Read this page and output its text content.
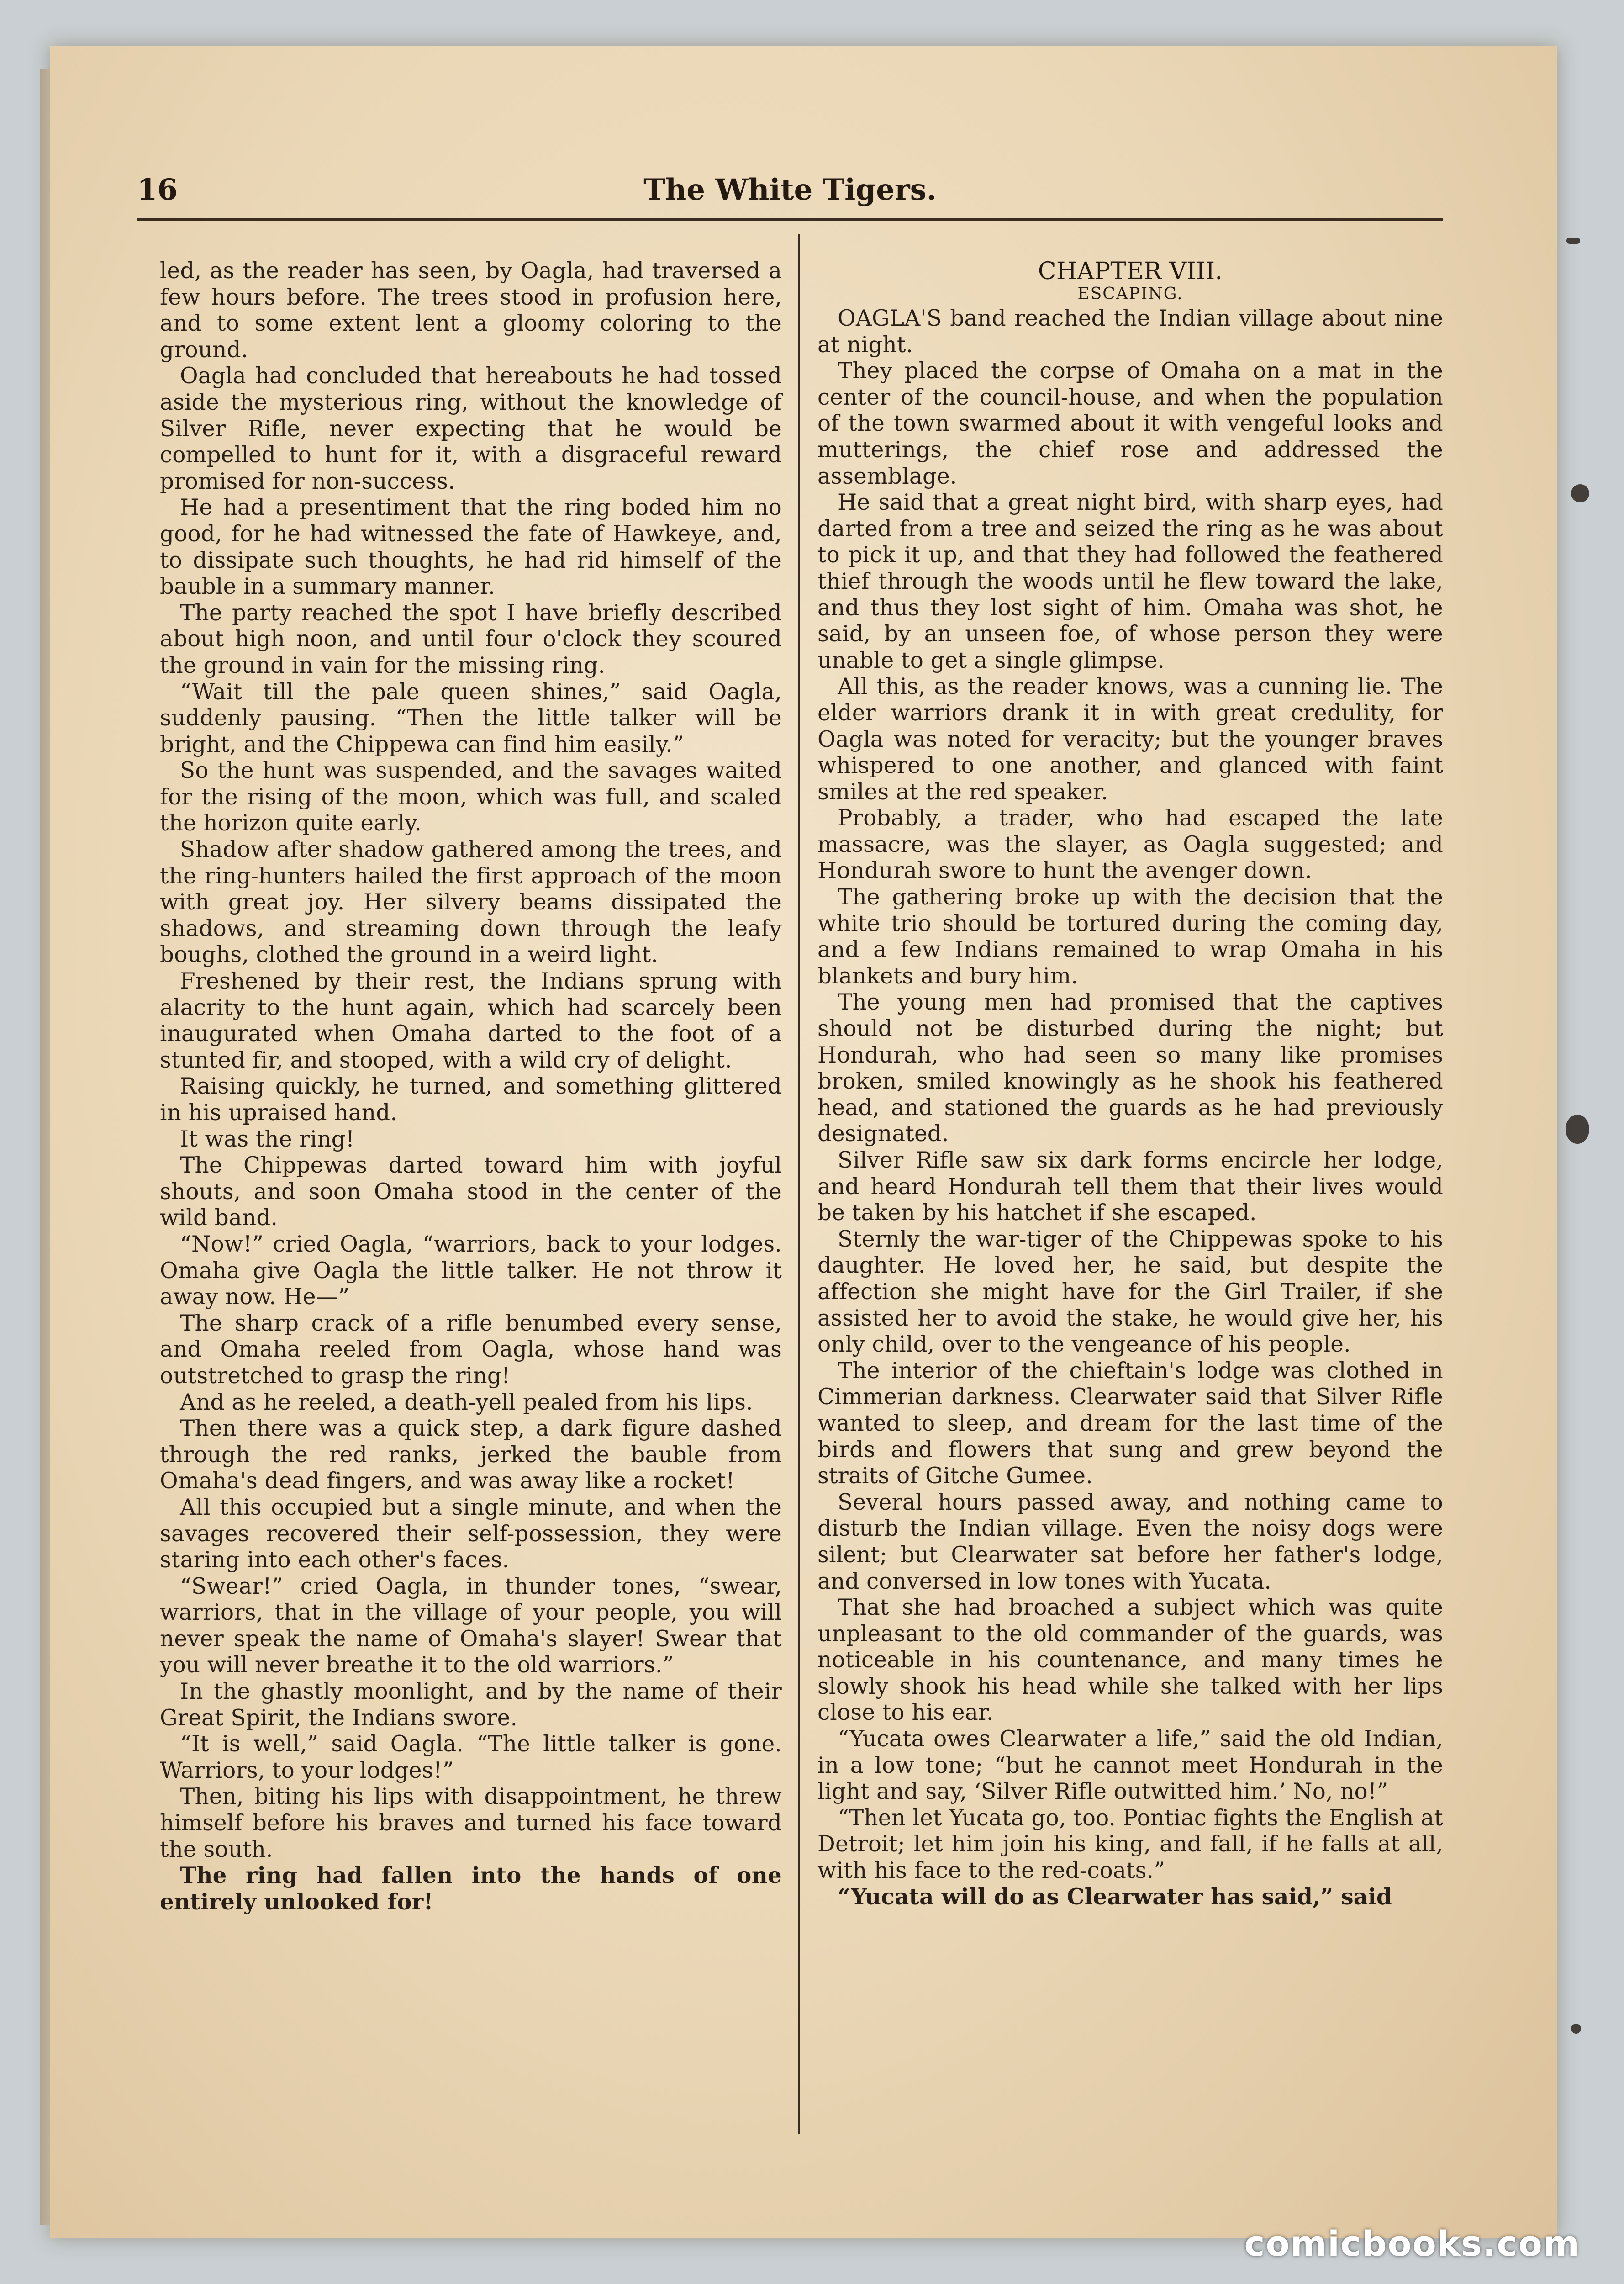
16	The White Tigers.

led, as the reader has seen, by Oagla, had traversed a few hours before. The trees stood in profusion here, and to some extent lent a gloomy coloring to the ground.

Oagla had concluded that hereabouts he had tossed aside the mysterious ring, without the knowledge of Silver Rifle, never expecting that he would be compelled to hunt for it, with a disgraceful reward promised for non-success.

He had a presentiment that the ring boded him no good, for he had witnessed the fate of Hawkeye, and, to dissipate such thoughts, he had rid himself of the bauble in a summary manner.

The party reached the spot I have briefly described about high noon, and until four o'clock they scoured the ground in vain for the missing ring.

“Wait till the pale queen shines,” said Oagla, suddenly pausing. “Then the little talker will be bright, and the Chippewa can find him easily.”

So the hunt was suspended, and the savages waited for the rising of the moon, which was full, and scaled the horizon quite early.

Shadow after shadow gathered among the trees, and the ring-hunters hailed the first approach of the moon with great joy. Her silvery beams dissipated the shadows, and streaming down through the leafy boughs, clothed the ground in a weird light.

Freshened by their rest, the Indians sprung with alacrity to the hunt again, which had scarcely been inaugurated when Omaha darted to the foot of a stunted fir, and stooped, with a wild cry of delight.

Raising quickly, he turned, and something glittered in his upraised hand.

It was the ring!

The Chippewas darted toward him with joyful shouts, and soon Omaha stood in the center of the wild band.

“Now!” cried Oagla, “warriors, back to your lodges. Omaha give Oagla the little talker. He not throw it away now. He—”

The sharp crack of a rifle benumbed every sense, and Omaha reeled from Oagla, whose hand was outstretched to grasp the ring!

And as he reeled, a death-yell pealed from his lips.

Then there was a quick step, a dark figure dashed through the red ranks, jerked the bauble from Omaha's dead fingers, and was away like a rocket!

All this occupied but a single minute, and when the savages recovered their self-possession, they were staring into each other's faces.

“Swear!” cried Oagla, in thunder tones, “swear, warriors, that in the village of your people, you will never speak the name of Omaha's slayer! Swear that you will never breathe it to the old warriors.”

In the ghastly moonlight, and by the name of their Great Spirit, the Indians swore.

“It is well,” said Oagla. “The little talker is gone. Warriors, to your lodges!”

Then, biting his lips with disappointment, he threw himself before his braves and turned his face toward the south.

The ring had fallen into the hands of one entirely unlooked for!

CHAPTER VIII.
ESCAPING.

OAGLA'S band reached the Indian village about nine at night.

They placed the corpse of Omaha on a mat in the center of the council-house, and when the population of the town swarmed about it with vengeful looks and mutterings, the chief rose and addressed the assemblage.

He said that a great night bird, with sharp eyes, had darted from a tree and seized the ring as he was about to pick it up, and that they had followed the feathered thief through the woods until he flew toward the lake, and thus they lost sight of him. Omaha was shot, he said, by an unseen foe, of whose person they were unable to get a single glimpse.

All this, as the reader knows, was a cunning lie. The elder warriors drank it in with great credulity, for Oagla was noted for veracity; but the younger braves whispered to one another, and glanced with faint smiles at the red speaker.

Probably, a trader, who had escaped the late massacre, was the slayer, as Oagla suggested; and Hondurah swore to hunt the avenger down.

The gathering broke up with the decision that the white trio should be tortured during the coming day, and a few Indians remained to wrap Omaha in his blankets and bury him.

The young men had promised that the captives should not be disturbed during the night; but Hondurah, who had seen so many like promises broken, smiled knowingly as he shook his feathered head, and stationed the guards as he had previously designated.

Silver Rifle saw six dark forms encircle her lodge, and heard Hondurah tell them that their lives would be taken by his hatchet if she escaped.

Sternly the war-tiger of the Chippewas spoke to his daughter. He loved her, he said, but despite the affection she might have for the Girl Trailer, if she assisted her to avoid the stake, he would give her, his only child, over to the vengeance of his people.

The interior of the chieftain's lodge was clothed in Cimmerian darkness. Clearwater said that Silver Rifle wanted to sleep, and dream for the last time of the birds and flowers that sung and grew beyond the straits of Gitche Gumee.

Several hours passed away, and nothing came to disturb the Indian village. Even the noisy dogs were silent; but Clearwater sat before her father's lodge, and conversed in low tones with Yucata.

That she had broached a subject which was quite unpleasant to the old commander of the guards, was noticeable in his countenance, and many times he slowly shook his head while she talked with her lips close to his ear.

“Yucata owes Clearwater a life,” said the old Indian, in a low tone; “but he cannot meet Hondurah in the light and say, ‘Silver Rifle outwitted him.’ No, no!”

“Then let Yucata go, too. Pontiac fights the English at Detroit; let him join his king, and fall, if he falls at all, with his face to the red-coats.”

“Yucata will do as Clearwater has said,” said

comicbooks.com
